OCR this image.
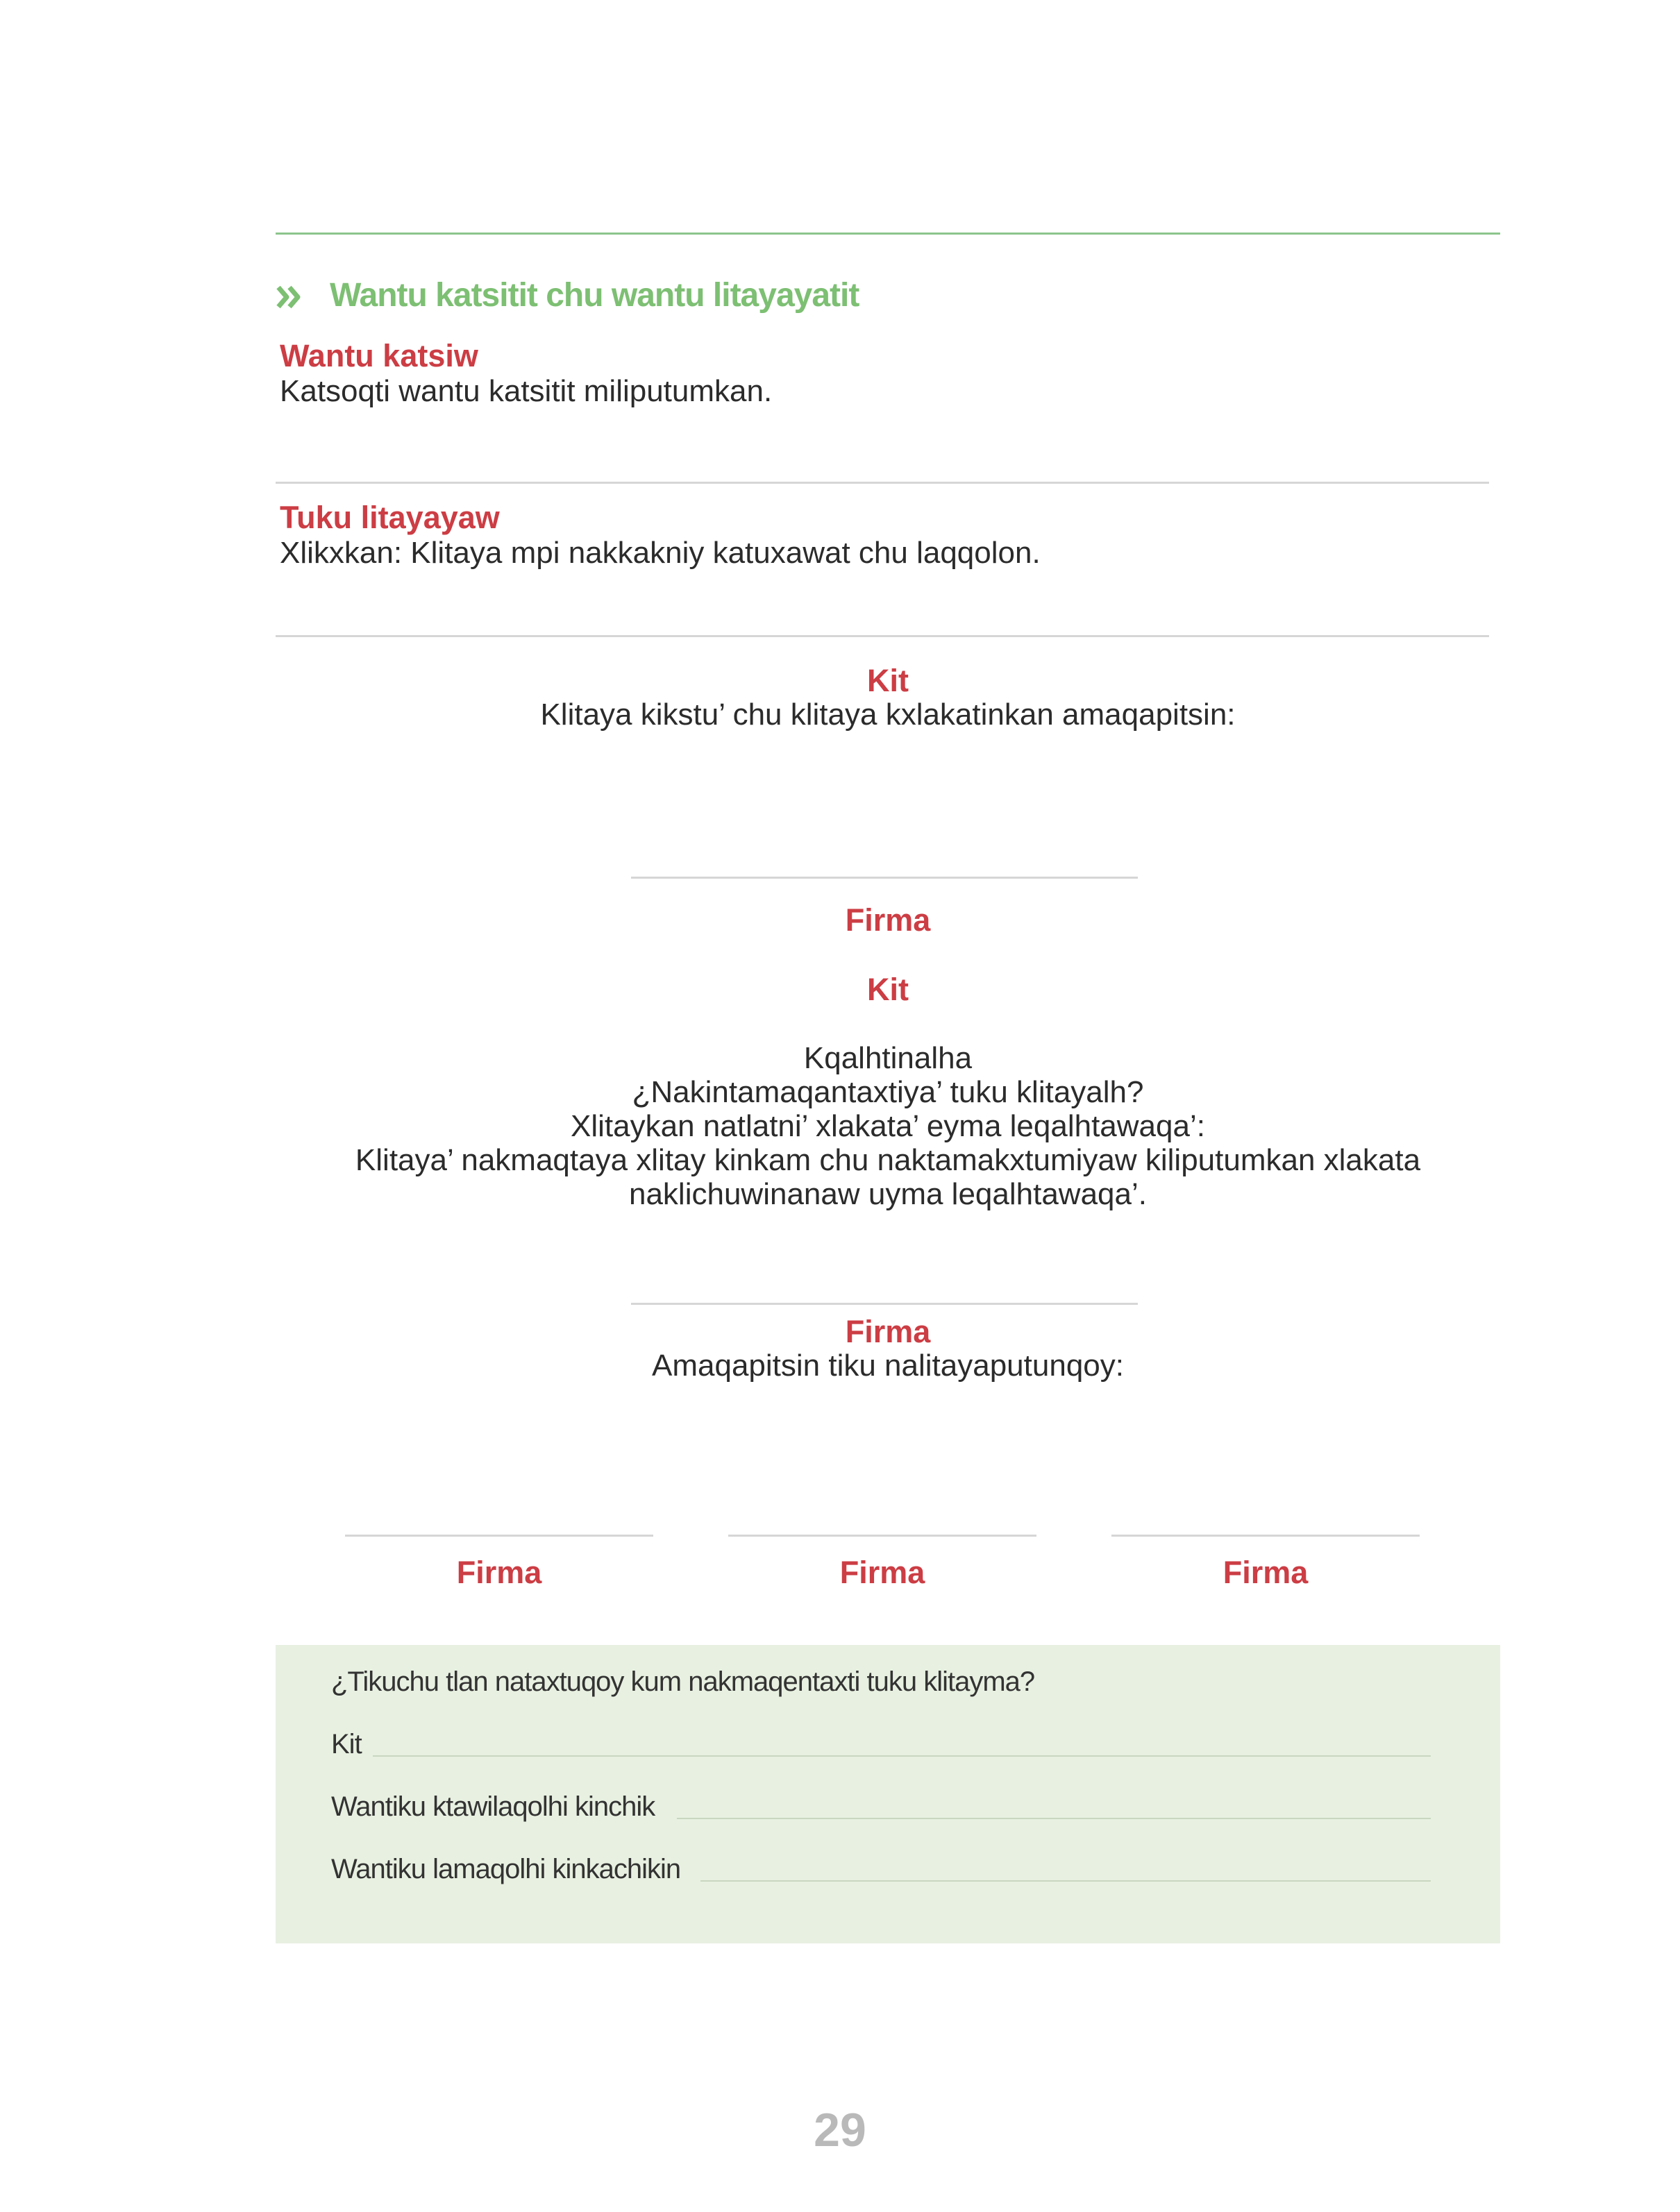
Wantu katsitit chu wantu litayayatit
Wantu katsiw
Katsoqti wantu katsitit miliputumkan.
Tuku litayayaw
Xlikxkan: Klitaya mpi nakkakniy katuxawat chu laqqolon.
Kit
Klitaya kikstu’ chu klitaya kxlakatinkan amaqapitsin:
Firma
Kit
Kqalhtinalha
¿Nakintamaqantaxtiya’ tuku klitayalh?
Xlitaykan natlatni’ xlakata’ eyma leqalhtawaqa’:
Klitaya’ nakmaqtaya xlitay kinkam chu naktamakxtumiyaw kiliputumkan xlakata
naklichuwinanaw uyma leqalhtawaqa’.
Firma
Amaqapitsin tiku nalitayaputunqoy:
Firma	Firma	Firma
¿Tikuchu tlan nataxtuqoy kum nakmaqentaxti tuku klitayma?
Kit
Wantiku ktawilaqolhi kinchik
Wantiku lamaqolhi kinkachikin
29
